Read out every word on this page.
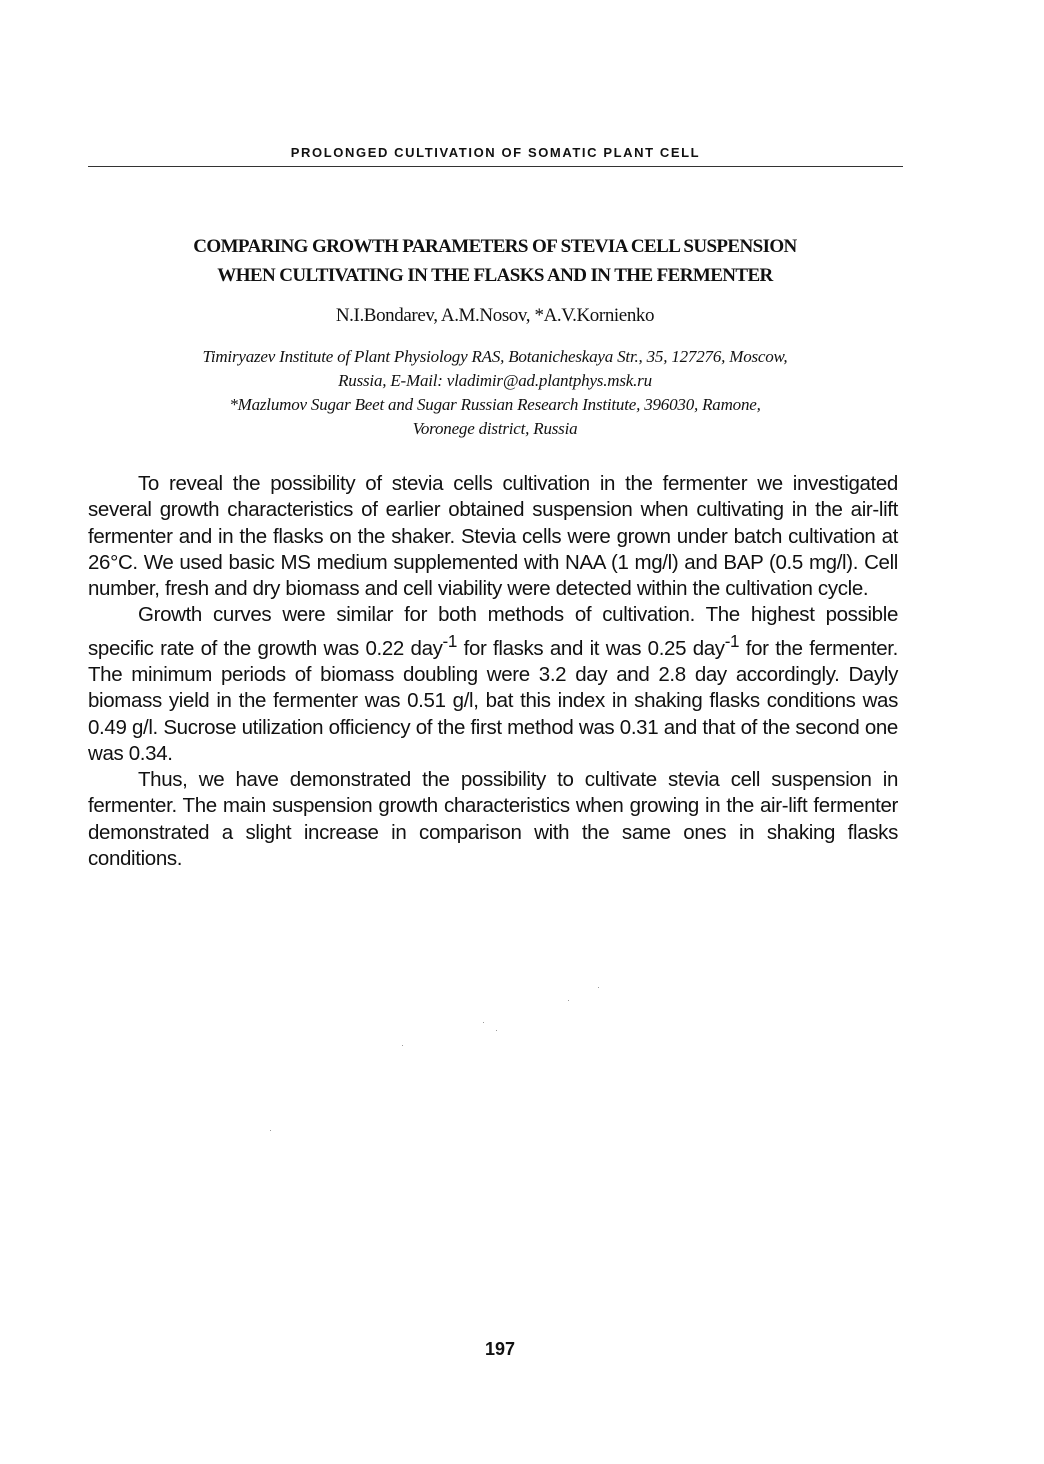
PROLONGED CULTIVATION OF SOMATIC PLANT CELL
COMPARING GROWTH PARAMETERS OF STEVIA CELL SUSPENSION
WHEN CULTIVATING IN THE FLASKS AND IN THE FERMENTER
N.I.Bondarev, A.M.Nosov, *A.V.Kornienko
Timiryazev Institute of Plant Physiology RAS, Botanicheskaya Str., 35, 127276, Moscow,
Russia, E-Mail: vladimir@ad.plantphys.msk.ru
*Mazlumov Sugar Beet and Sugar Russian Research Institute, 396030, Ramone,
Voronege district, Russia

To reveal the possibility of stevia cells cultivation in the fermenter we investigated several growth characteristics of earlier obtained suspension when cultivating in the air-lift fermenter and in the flasks on the shaker. Stevia cells were grown under batch cultivation at 26°C. We used basic MS medium supplemented with NAA (1 mg/l) and BAP (0.5 mg/l). Cell number, fresh and dry biomass and cell viability were detected within the cultivation cycle.

Growth curves were similar for both methods of cultivation. The highest possible specific rate of the growth was 0.22 day$^{-1}$ for flasks and it was 0.25 day$^{-1}$ for the fermenter. The minimum periods of biomass doubling were 3.2 day and 2.8 day accordingly. Dayly biomass yield in the fermenter was 0.51 g/l, bat this index in shaking flasks conditions was 0.49 g/l. Sucrose utilization officiency of the first method was 0.31 and that of the second one was 0.34.

Thus, we have demonstrated the possibility to cultivate stevia cell suspension in fermenter. The main suspension growth characteristics when growing in the air-lift fermenter demonstrated a slight increase in comparison with the same ones in shaking flasks conditions.

197
